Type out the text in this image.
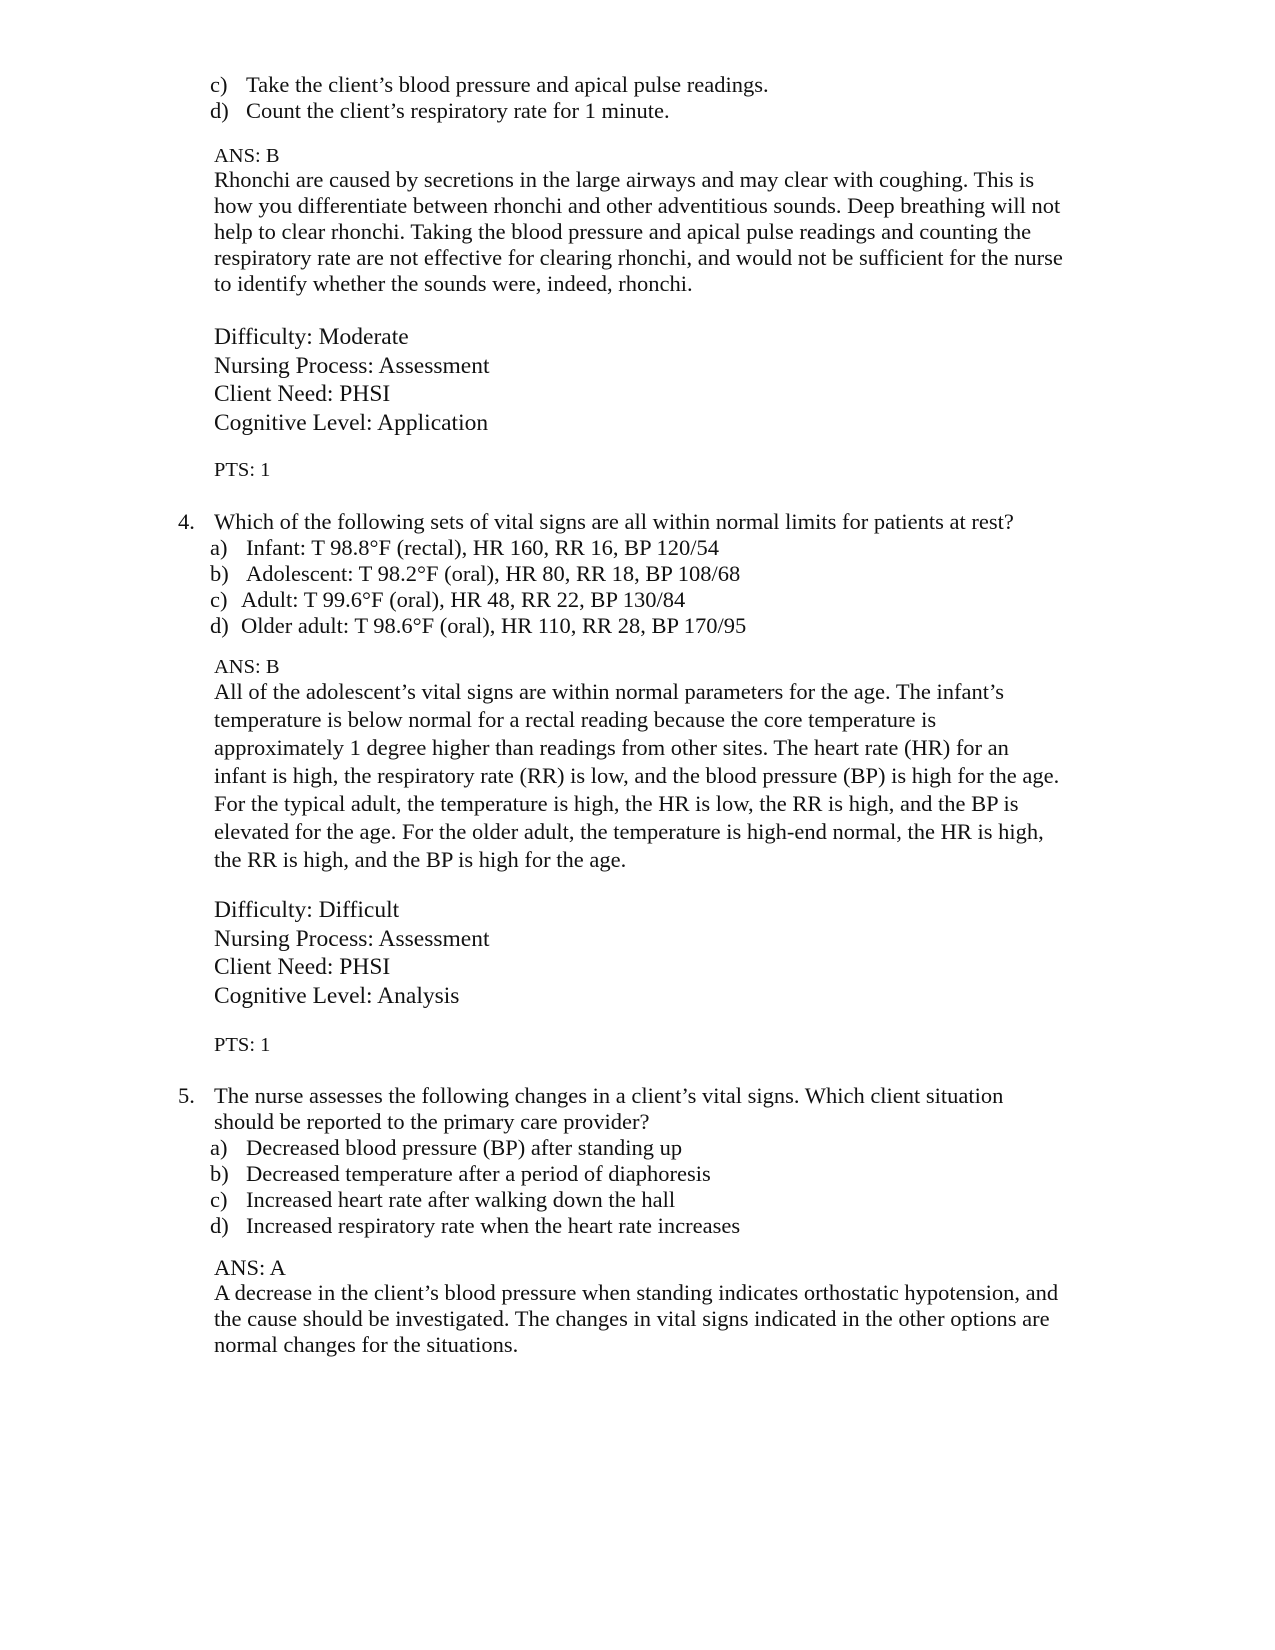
c) Take the client’s blood pressure and apical pulse readings.
d) Count the client’s respiratory rate for 1 minute.
ANS: B

Rhonchi are caused by secretions in the large airways and may clear with coughing. This is

how you differentiate between rhonchi and other adventitious sounds. Deep breathing will not

help to clear rhonchi. Taking the blood pressure and apical pulse readings and counting the

respiratory rate are not effective for clearing rhonchi, and would not be sufficient for the nurse

to identify whether the sounds were, indeed, rhonchi.

Difficulty: Moderate

Nursing Process: Assessment

Client Need: PHSI

Cognitive Level: Application

PTS: 1
4. Which of the following sets of vital signs are all within normal limits for patients at rest?

a) Infant: T 98.8°F (rectal), HR 160, RR 16, BP 120/54
b) Adolescent: T 98.2°F (oral), HR 80, RR 18, BP 108/68
c) Adult: T 99.6°F (oral), HR 48, RR 22, BP 130/84
d) Older adult: T 98.6°F (oral), HR 110, RR 28, BP 170/95
ANS: B

All of the adolescent’s vital signs are within normal parameters for the age. The infant’s

temperature is below normal for a rectal reading because the core temperature is

approximately 1 degree higher than readings from other sites. The heart rate (HR) for an

infant is high, the respiratory rate (RR) is low, and the blood pressure (BP) is high for the age.

For the typical adult, the temperature is high, the HR is low, the RR is high, and the BP is

elevated for the age. For the older adult, the temperature is high-end normal, the HR is high,

the RR is high, and the BP is high for the age.

Difficulty: Difficult

Nursing Process: Assessment

Client Need: PHSI

Cognitive Level: Analysis

PTS: 1
5. The nurse assesses the following changes in a client’s vital signs. Which client situation

should be reported to the primary care provider?

a) Decreased blood pressure (BP) after standing up
b) Decreased temperature after a period of diaphoresis
c) Increased heart rate after walking down the hall
d) Increased respiratory rate when the heart rate increases
ANS: A

A decrease in the client’s blood pressure when standing indicates orthostatic hypotension, and

the cause should be investigated. The changes in vital signs indicated in the other options are

normal changes for the situations.
